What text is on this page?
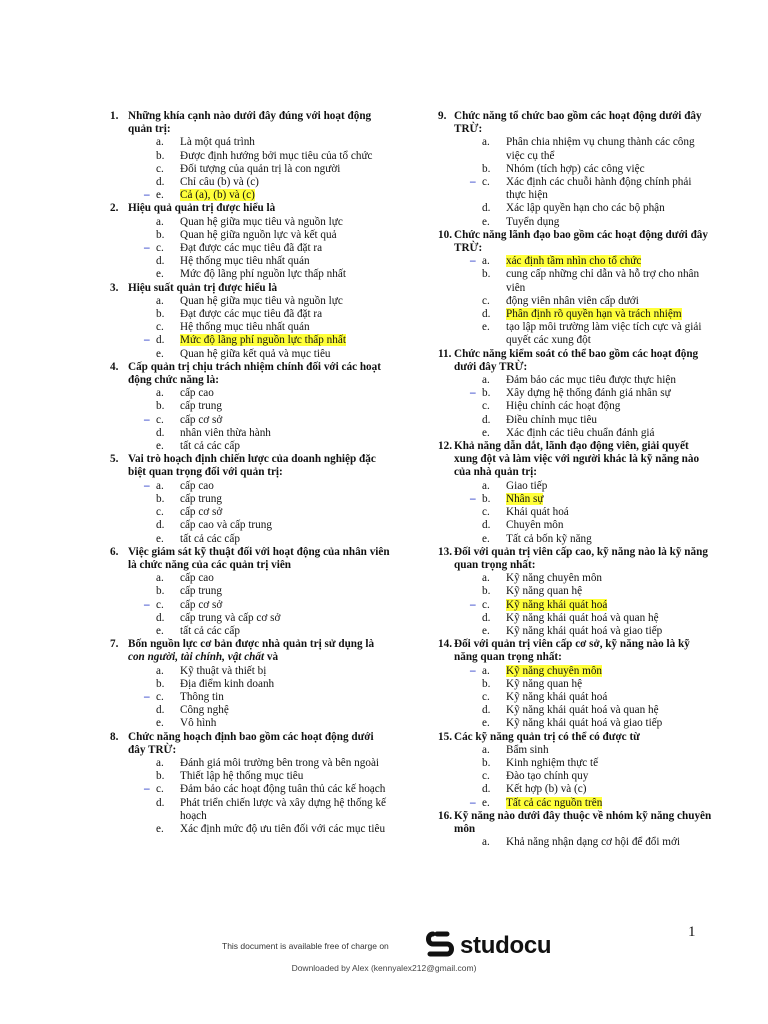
1. Những khía cạnh nào dưới đây đúng với hoạt động quản trị:
a.	Là một quá trình
b.	Được định hướng bởi mục tiêu của tổ chức
c.	Đối tượng của quản trị là con người
d.	Chỉ câu (b) và (c)
– e.	Cả (a), (b) và (c)
2. Hiệu quả quản trị được hiểu là
a.	Quan hệ giữa mục tiêu và nguồn lực
b.	Quan hệ giữa nguồn lực và kết quả
– c.	Đạt được các mục tiêu đã đặt ra
d.	Hệ thống mục tiêu nhất quán
e.	Mức độ lãng phí nguồn lực thấp nhất
3. Hiệu suất quản trị được hiểu là
a.	Quan hệ giữa mục tiêu và nguồn lực
b.	Đạt được các mục tiêu đã đặt ra
c.	Hệ thống mục tiêu nhất quán
– d.	Mức độ lãng phí nguồn lực thấp nhất
e.	Quan hệ giữa kết quả và mục tiêu
4. Cấp quản trị chịu trách nhiệm chính đối với các hoạt động chức năng là:
a.	cấp cao
b.	cấp trung
– c.	cấp cơ sở
d.	nhân viên thừa hành
e.	tất cả các cấp
5. Vai trò hoạch định chiến lược của doanh nghiệp đặc biệt quan trọng đối với quản trị:
– a.	cấp cao
b.	cấp trung
c.	cấp cơ sở
d.	cấp cao và cấp trung
e.	tất cả các cấp
6. Việc giám sát kỹ thuật đối với hoạt động của nhân viên là chức năng của các quản trị viên
a.	cấp cao
b.	cấp trung
– c.	cấp cơ sở
d.	cấp trung và cấp cơ sở
e.	tất cả các cấp
7. Bốn nguồn lực cơ bản được nhà quản trị sử dụng là con người, tài chính, vật chất và
a.	Kỹ thuật và thiết bị
b.	Địa điểm kinh doanh
– c.	Thông tin
d.	Công nghệ
e.	Vô hình
8. Chức năng hoạch định bao gồm các hoạt động dưới đây TRỪ:
a.	Đánh giá môi trường bên trong và bên ngoài
b.	Thiết lập hệ thống mục tiêu
– c.	Đảm bảo các hoạt động tuân thủ các kế hoạch
d.	Phát triển chiến lược và xây dựng hệ thống kế hoạch
e.	Xác định mức độ ưu tiên đối với các mục tiêu
9. Chức năng tổ chức bao gồm các hoạt động dưới đây TRỪ:
a.	Phân chia nhiệm vụ chung thành các công việc cụ thể
b.	Nhóm (tích hợp) các công việc
– c.	Xác định các chuỗi hành động chính phải thực hiện
d.	Xác lập quyền hạn cho các bộ phận
e.	Tuyển dụng
10. Chức năng lãnh đạo bao gồm các hoạt động dưới đây TRỪ:
– a.	xác định tầm nhìn cho tổ chức
b.	cung cấp những chỉ dẫn và hỗ trợ cho nhân viên
c.	động viên nhân viên cấp dưới
d.	Phân định rõ quyền hạn và trách nhiệm
e.	tạo lập môi trường làm việc tích cực và giải quyết các xung đột
11. Chức năng kiểm soát có thể bao gồm các hoạt động dưới đây TRỪ:
a.	Đảm bảo các mục tiêu được thực hiện
– b.	Xây dựng hệ thống đánh giá nhân sự
c.	Hiệu chỉnh các hoạt động
d.	Điều chỉnh mục tiêu
e.	Xác định các tiêu chuẩn đánh giá
12. Khả năng dẫn dắt, lãnh đạo động viên, giải quyết xung đột và làm việc với người khác là kỹ năng nào của nhà quản trị:
a.	Giao tiếp
– b.	Nhân sự
c.	Khái quát hoá
d.	Chuyên môn
e.	Tất cả bốn kỹ năng
13. Đối với quản trị viên cấp cao, kỹ năng nào là kỹ năng quan trọng nhất:
a.	Kỹ năng chuyên môn
b.	Kỹ năng quan hệ
– c.	Kỹ năng khái quát hoá
d.	Kỹ năng khái quát hoá và quan hệ
e.	Kỹ năng khái quát hoá và giao tiếp
14. Đối với quản trị viên cấp cơ sở, kỹ năng nào là kỹ năng quan trọng nhất:
– a.	Kỹ năng chuyên môn
b.	Kỹ năng quan hệ
c.	Kỹ năng khái quát hoá
d.	Kỹ năng khái quát hoá và quan hệ
e.	Kỹ năng khái quát hoá và giao tiếp
15. Các kỹ năng quản trị có thể có được từ
a.	Bẩm sinh
b.	Kinh nghiệm thực tế
c.	Đào tạo chính quy
d.	Kết hợp (b) và (c)
– e.	Tất cả các nguồn trên
16. Kỹ năng nào dưới đây thuộc về nhóm kỹ năng chuyên môn
a.	Khả năng nhận dạng cơ hội để đổi mới
1
This document is available free of charge on	studocu
Downloaded by Alex (kennyalex212@gmail.com)
